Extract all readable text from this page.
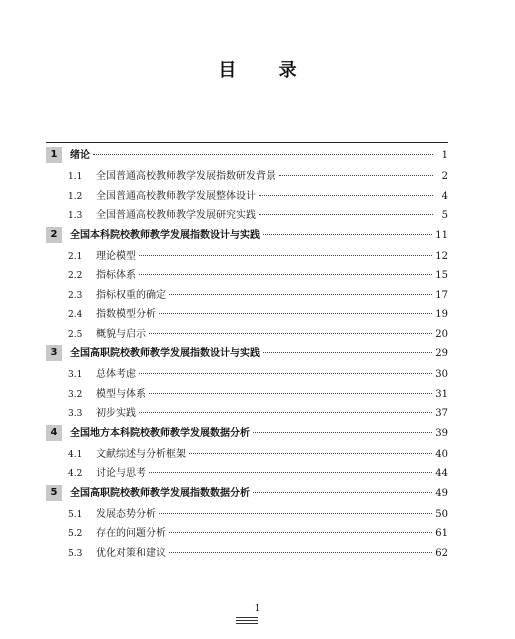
目 录
1	绪论	1
1.1	全国普通高校教师教学发展指数研发背景	2
1.2	全国普通高校教师教学发展整体设计	4
1.3	全国普通高校教师教学发展研究实践	5
2	全国本科院校教师教学发展指数设计与实践	11
2.1	理论模型	12
2.2	指标体系	15
2.3	指标权重的确定	17
2.4	指数模型分析	19
2.5	概貌与启示	20
3	全国高职院校教师教学发展指数设计与实践	29
3.1	总体考虑	30
3.2	模型与体系	31
3.3	初步实践	37
4	全国地方本科院校教师教学发展数据分析	39
4.1	文献综述与分析框架	40
4.2	讨论与思考	44
5	全国高职院校教师教学发展指数数据分析	49
5.1	发展态势分析	50
5.2	存在的问题分析	61
5.3	优化对策和建议	62
1
